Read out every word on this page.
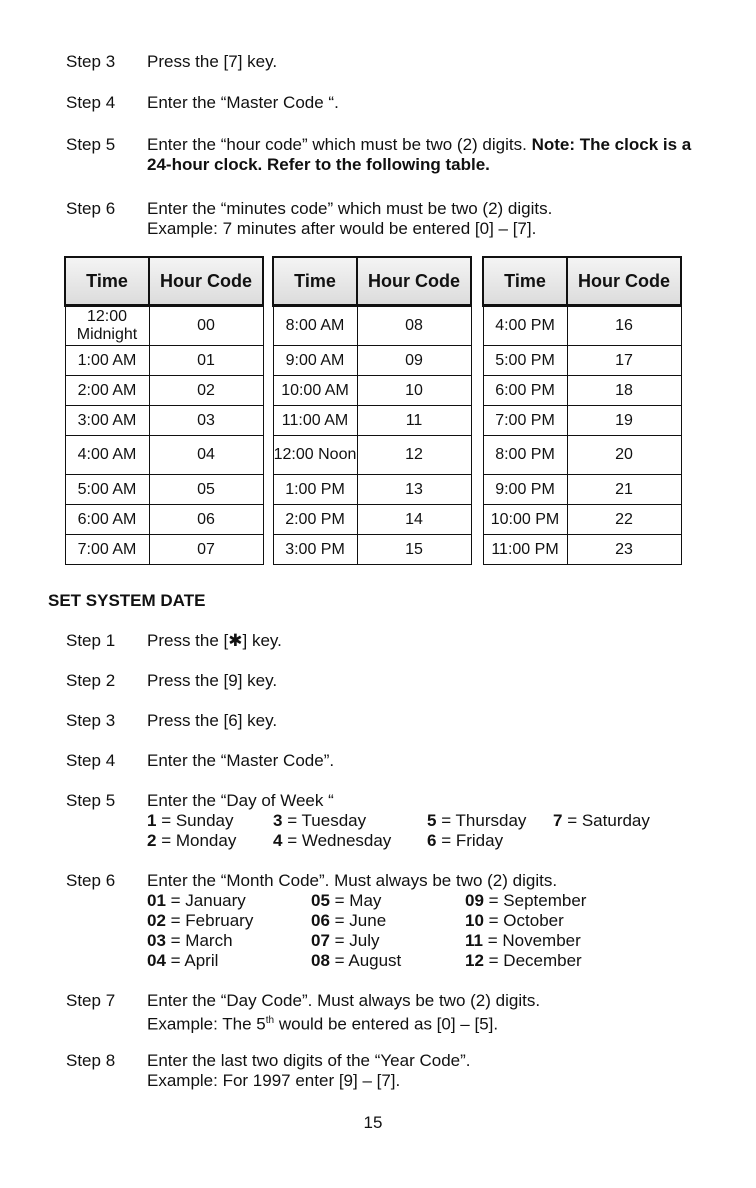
Step 3 Press the [7] key.
Step 4 Enter the “Master Code “.
Step 5 Enter the “hour code” which must be two (2) digits. Note: The clock is a 24-hour clock. Refer to the following table.
Step 6 Enter the “minutes code” which must be two (2) digits.
Example: 7 minutes after would be entered [0] – [7].
Time	Hour Code
12:00 Midnight	00
1:00 AM	01
2:00 AM	02
3:00 AM	03
4:00 AM	04
5:00 AM	05
6:00 AM	06
7:00 AM	07
Time	Hour Code
8:00 AM	08
9:00 AM	09
10:00 AM	10
11:00 AM	11
12:00 Noon	12
1:00 PM	13
2:00 PM	14
3:00 PM	15
Time	Hour Code
4:00 PM	16
5:00 PM	17
6:00 PM	18
7:00 PM	19
8:00 PM	20
9:00 PM	21
10:00 PM	22
11:00 PM	23
SET SYSTEM DATE
Step 1 Press the [✱] key.
Step 2 Press the [9] key.
Step 3 Press the [6] key.
Step 4 Enter the “Master Code”.
Step 5 Enter the “Day of Week “
1 = Sunday
2 = Monday
3 = Tuesday
4 = Wednesday
5 = Thursday
6 = Friday
7 = Saturday
Step 6 Enter the “Month Code”. Must always be two (2) digits.
01 = January
02 = February
03 = March
04 = April
05 = May
06 = June
07 = July
08 = August
09 = September
10 = October
11 = November
12 = December
Step 7 Enter the “Day Code”. Must always be two (2) digits.
Example: The 5th would be entered as [0] – [5].
Step 8 Enter the last two digits of the “Year Code”.
Example: For 1997 enter [9] – [7].
15
